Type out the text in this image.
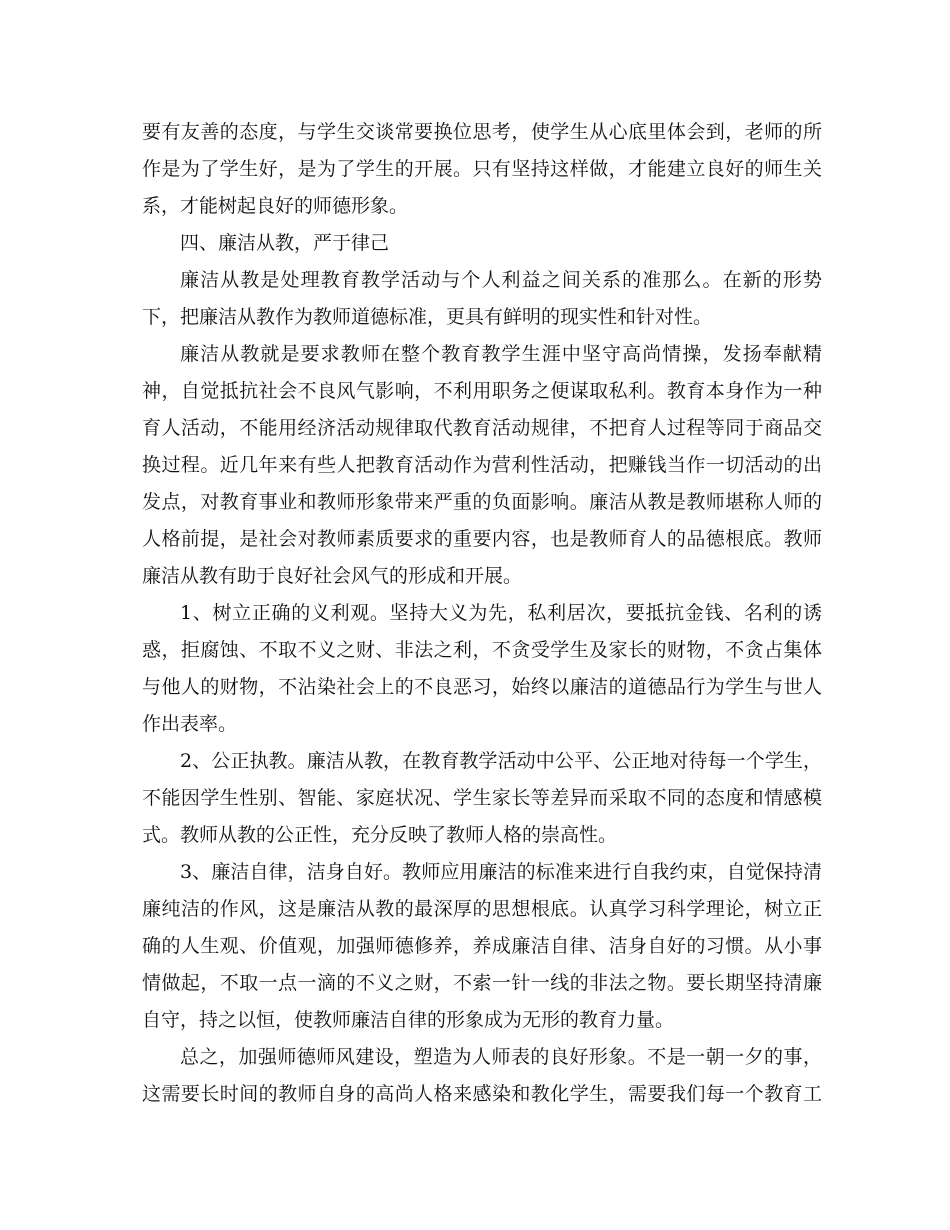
要有友善的态度，与学生交谈常要换位思考，使学生从心底里体会到，老师的所
作是为了学生好，是为了学生的开展。只有坚持这样做，才能建立良好的师生关
系，才能树起良好的师德形象。
四、廉洁从教，严于律己
廉洁从教是处理教育教学活动与个人利益之间关系的准那么。在新的形势
下，把廉洁从教作为教师道德标准，更具有鲜明的现实性和针对性。
廉洁从教就是要求教师在整个教育教学生涯中坚守高尚情操，发扬奉献精
神，自觉抵抗社会不良风气影响，不利用职务之便谋取私利。教育本身作为一种
育人活动，不能用经济活动规律取代教育活动规律，不把育人过程等同于商品交
换过程。近几年来有些人把教育活动作为营利性活动，把赚钱当作一切活动的出
发点，对教育事业和教师形象带来严重的负面影响。廉洁从教是教师堪称人师的
人格前提，是社会对教师素质要求的重要内容，也是教师育人的品德根底。教师
廉洁从教有助于良好社会风气的形成和开展。
1、树立正确的义利观。坚持大义为先，私利居次，要抵抗金钱、名利的诱
惑，拒腐蚀、不取不义之财、非法之利，不贪受学生及家长的财物，不贪占集体
与他人的财物，不沾染社会上的不良恶习，始终以廉洁的道德品行为学生与世人
作出表率。
2、公正执教。廉洁从教，在教育教学活动中公平、公正地对待每一个学生，
不能因学生性别、智能、家庭状况、学生家长等差异而采取不同的态度和情感模
式。教师从教的公正性，充分反映了教师人格的崇高性。
3、廉洁自律，洁身自好。教师应用廉洁的标准来进行自我约束，自觉保持清
廉纯洁的作风，这是廉洁从教的最深厚的思想根底。认真学习科学理论，树立正
确的人生观、价值观，加强师德修养，养成廉洁自律、洁身自好的习惯。从小事
情做起，不取一点一滴的不义之财，不索一针一线的非法之物。要长期坚持清廉
自守，持之以恒，使教师廉洁自律的形象成为无形的教育力量。
总之，加强师德师风建设，塑造为人师表的良好形象。不是一朝一夕的事，
这需要长时间的教师自身的高尚人格来感染和教化学生，需要我们每一个教育工
